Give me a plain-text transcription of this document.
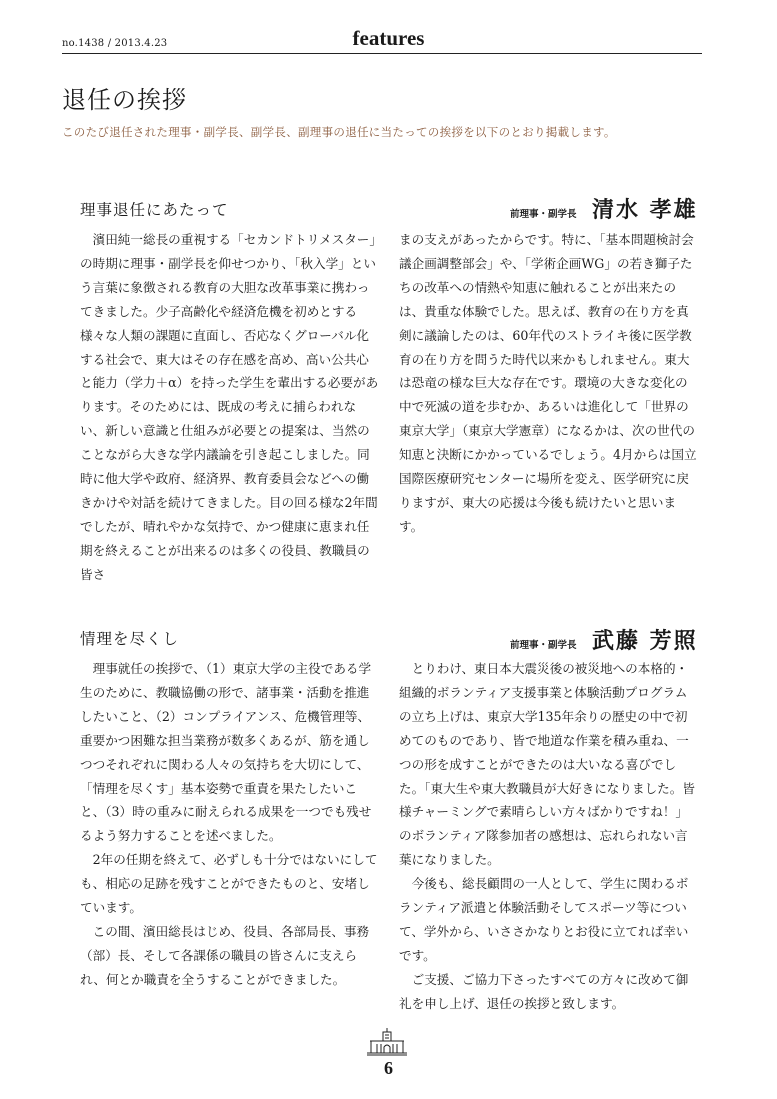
no.1438 / 2013.4.23	features
退任の挨拶
このたび退任された理事・副学長、副学長、副理事の退任に当たっての挨拶を以下のとおり掲載します。
理事退任にあたって	前理事・副学長 清水 孝雄

濱田純一総長の重視する「セカンドトリメスター」の時期に理事・副学長を仰せつかり、「秋入学」という言葉に象徴される教育の大胆な改革事業に携わってきました。少子高齢化や経済危機を初めとする様々な人類の課題に直面し、否応なくグローバル化する社会で、東大はその存在感を高め、高い公共心と能力（学力＋α）を持った学生を輩出する必要があります。そのためには、既成の考えに捕らわれない、新しい意識と仕組みが必要との提案は、当然のことながら大きな学内議論を引き起こしました。同時に他大学や政府、経済界、教育委員会などへの働きかけや対話を続けてきました。目の回る様な2年間でしたが、晴れやかな気持で、かつ健康に恵まれ任期を終えることが出来るのは多くの役員、教職員の皆さ

まの支えがあったからです。特に、「基本問題検討会議企画調整部会」や、「学術企画WG」の若き獅子たちの改革への情熱や知恵に触れることが出来たのは、貴重な体験でした。思えば、教育の在り方を真剣に議論したのは、60年代のストライキ後に医学教育の在り方を問うた時代以来かもしれません。東大は恐竜の様な巨大な存在です。環境の大きな変化の中で死滅の道を歩むか、あるいは進化して「世界の東京大学」（東京大学憲章）になるかは、次の世代の知恵と決断にかかっているでしょう。4月からは国立国際医療研究センターに場所を変え、医学研究に戻りますが、東大の応援は今後も続けたいと思います。

情理を尽くし	前理事・副学長 武藤 芳照

理事就任の挨拶で、（1）東京大学の主役である学生のために、教職協働の形で、諸事業・活動を推進したいこと、（2）コンプライアンス、危機管理等、重要かつ困難な担当業務が数多くあるが、筋を通しつつそれぞれに関わる人々の気持ちを大切にして、「情理を尽くす」基本姿勢で重責を果たしたいこと、（3）時の重みに耐えられる成果を一つでも残せるよう努力することを述べました。

2年の任期を終えて、必ずしも十分ではないにしても、相応の足跡を残すことができたものと、安堵しています。

この間、濱田総長はじめ、役員、各部局長、事務（部）長、そして各課係の職員の皆さんに支えられ、何とか職責を全うすることができました。

とりわけ、東日本大震災後の被災地への本格的・組織的ボランティア支援事業と体験活動プログラムの立ち上げは、東京大学135年余りの歴史の中で初めてのものであり、皆で地道な作業を積み重ね、一つの形を成すことができたのは大いなる喜びでした。「東大生や東大教職員が大好きになりました。皆様チャーミングで素晴らしい方々ばかりですね！」のボランティア隊参加者の感想は、忘れられない言葉になりました。

今後も、総長顧問の一人として、学生に関わるボランティア派遣と体験活動そしてスポーツ等について、学外から、いささかなりとお役に立てれば幸いです。

ご支援、ご協力下さったすべての方々に改めて御礼を申し上げ、退任の挨拶と致します。

6
